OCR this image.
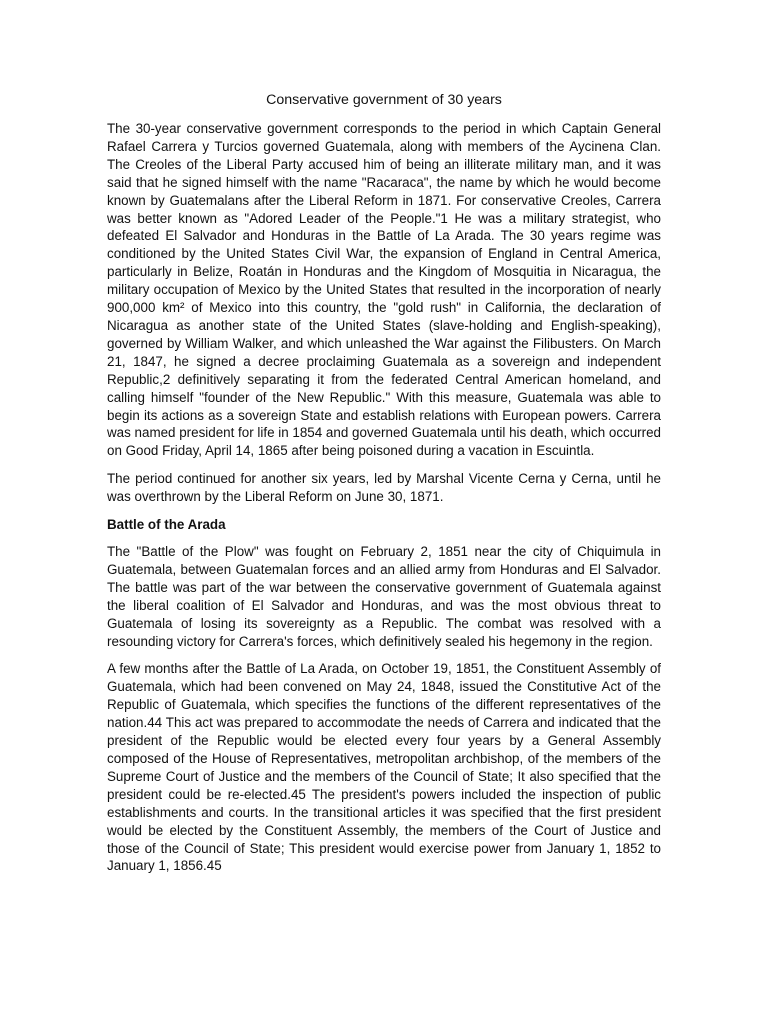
Conservative government of 30 years

The 30-year conservative government corresponds to the period in which Captain General Rafael Carrera y Turcios governed Guatemala, along with members of the Aycinena Clan. The Creoles of the Liberal Party accused him of being an illiterate military man, and it was said that he signed himself with the name "Racaraca", the name by which he would become known by Guatemalans after the Liberal Reform in 1871. For conservative Creoles, Carrera was better known as "Adored Leader of the People."1 He was a military strategist, who defeated El Salvador and Honduras in the Battle of La Arada. The 30 years regime was conditioned by the United States Civil War, the expansion of England in Central America, particularly in Belize, Roatán in Honduras and the Kingdom of Mosquitia in Nicaragua, the military occupation of Mexico by the United States that resulted in the incorporation of nearly 900,000 km² of Mexico into this country, the "gold rush" in California, the declaration of Nicaragua as another state of the United States (slave-holding and English-speaking), governed by William Walker, and which unleashed the War against the Filibusters. On March 21, 1847, he signed a decree proclaiming Guatemala as a sovereign and independent Republic,2 definitively separating it from the federated Central American homeland, and calling himself "founder of the New Republic." With this measure, Guatemala was able to begin its actions as a sovereign State and establish relations with European powers. Carrera was named president for life in 1854 and governed Guatemala until his death, which occurred on Good Friday, April 14, 1865 after being poisoned during a vacation in Escuintla.

The period continued for another six years, led by Marshal Vicente Cerna y Cerna, until he was overthrown by the Liberal Reform on June 30, 1871.

Battle of the Arada

The "Battle of the Plow" was fought on February 2, 1851 near the city of Chiquimula in Guatemala, between Guatemalan forces and an allied army from Honduras and El Salvador. The battle was part of the war between the conservative government of Guatemala against the liberal coalition of El Salvador and Honduras, and was the most obvious threat to Guatemala of losing its sovereignty as a Republic. The combat was resolved with a resounding victory for Carrera's forces, which definitively sealed his hegemony in the region.

A few months after the Battle of La Arada, on October 19, 1851, the Constituent Assembly of Guatemala, which had been convened on May 24, 1848, issued the Constitutive Act of the Republic of Guatemala, which specifies the functions of the different representatives of the nation.44 This act was prepared to accommodate the needs of Carrera and indicated that the president of the Republic would be elected every four years by a General Assembly composed of the House of Representatives, metropolitan archbishop, of the members of the Supreme Court of Justice and the members of the Council of State; It also specified that the president could be re-elected.45 The president's powers included the inspection of public establishments and courts. In the transitional articles it was specified that the first president would be elected by the Constituent Assembly, the members of the Court of Justice and those of the Council of State; This president would exercise power from January 1, 1852 to January 1, 1856.45
